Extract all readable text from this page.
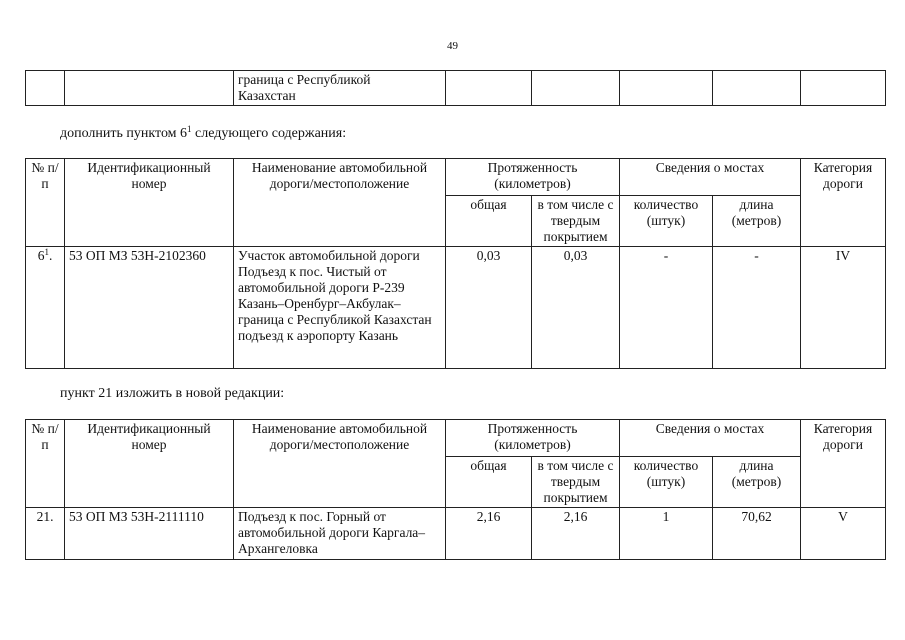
49

граница с Республикой
Казахстан

дополнить пунктом $6^1$ следующего содержания:
№ п/п	Идентификационный номер	Наименование автомобильной дороги/местоположение	Протяженность (километров)		Сведения о мостах		Категория дороги
			общая	в том числе с твердым покрытием	количество (штук)	длина (метров)	
$6^1$.	53 ОП МЗ 53Н-2102360	Участок автомобильной дороги Подъезд к пос. Чистый от автомобильной дороги Р-239 Казань–Оренбург–Акбулак–граница с Республикой Казахстан подъезд к аэропорту Казань	0,03	0,03	-	-	IV
пункт 21 изложить в новой редакции:
№ п/п	Идентификационный номер	Наименование автомобильной дороги/местоположение	Протяженность (километров)		Сведения о мостах		Категория дороги
			общая	в том числе с твердым покрытием	количество (штук)	длина (метров)	
21.	53 ОП МЗ 53Н-2111110	Подъезд к пос. Горный от автомобильной дороги Каргала–Архангеловка	2,16	2,16	1	70,62	V
